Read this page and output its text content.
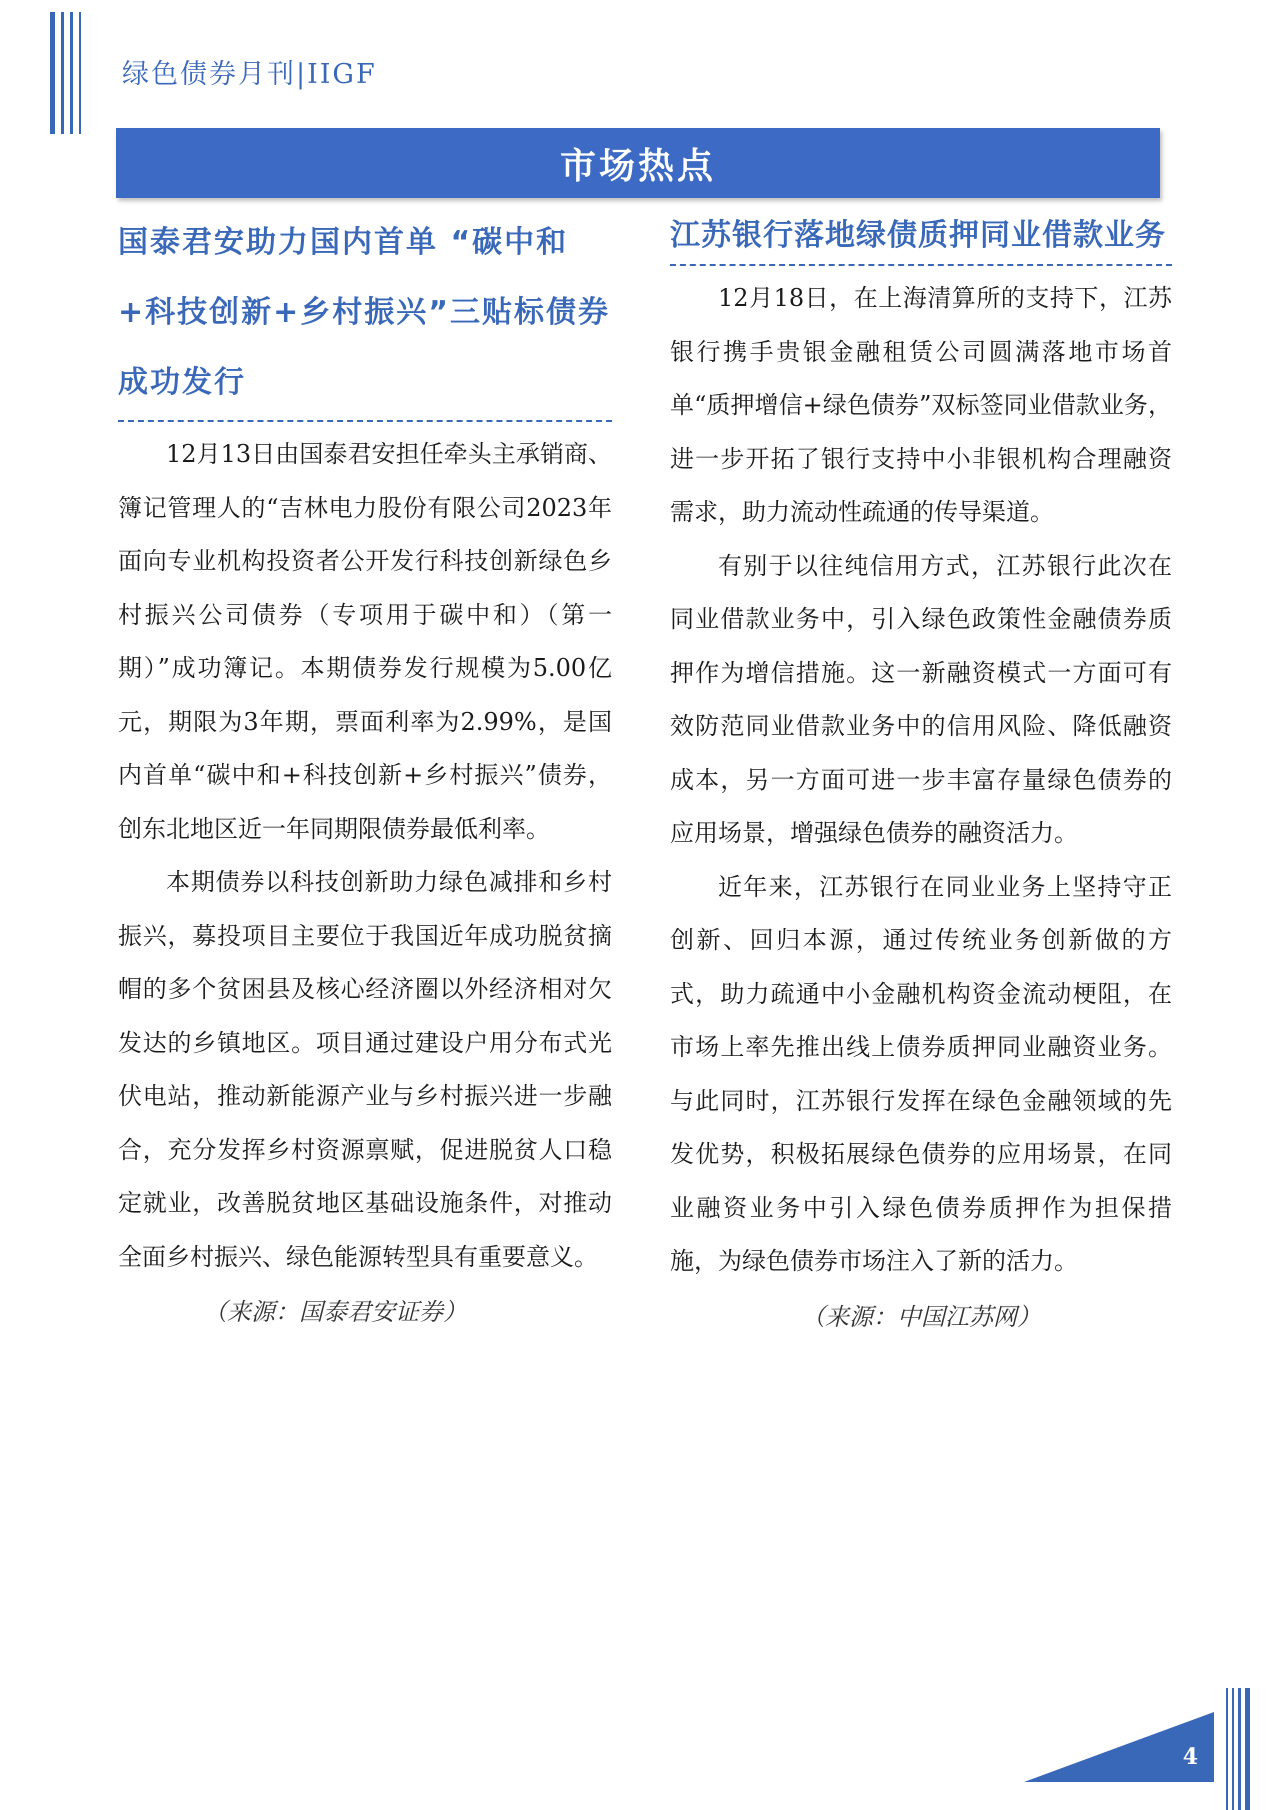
绿色债券月刊|IIGF
市场热点
国泰君安助力国内首单 “碳中和+科技创新+乡村振兴”三贴标债券成功发行

12月13日由国泰君安担任牵头主承销商、簿记管理人的“吉林电力股份有限公司2023年面向专业机构投资者公开发行科技创新绿色乡村振兴公司债券（专项用于碳中和）（第一期）”成功簿记。本期债券发行规模为5.00亿元，期限为3年期，票面利率为2.99%，是国内首单“碳中和+科技创新+乡村振兴”债券，创东北地区近一年同期限债券最低利率。

本期债券以科技创新助力绿色减排和乡村振兴，募投项目主要位于我国近年成功脱贫摘帽的多个贫困县及核心经济圈以外经济相对欠发达的乡镇地区。项目通过建设户用分布式光伏电站，推动新能源产业与乡村振兴进一步融合，充分发挥乡村资源禀赋，促进脱贫人口稳定就业，改善脱贫地区基础设施条件，对推动全面乡村振兴、绿色能源转型具有重要意义。

（来源：国泰君安证券）
江苏银行落地绿债质押同业借款业务

12月18日，在上海清算所的支持下，江苏银行携手贵银金融租赁公司圆满落地市场首单“质押增信+绿色债券”双标签同业借款业务，进一步开拓了银行支持中小非银机构合理融资需求，助力流动性疏通的传导渠道。

有别于以往纯信用方式，江苏银行此次在同业借款业务中，引入绿色政策性金融债券质押作为增信措施。这一新融资模式一方面可有效防范同业借款业务中的信用风险、降低融资成本，另一方面可进一步丰富存量绿色债券的应用场景，增强绿色债券的融资活力。

近年来，江苏银行在同业业务上坚持守正创新、回归本源，通过传统业务创新做的方式，助力疏通中小金融机构资金流动梗阻，在市场上率先推出线上债券质押同业融资业务。与此同时，江苏银行发挥在绿色金融领域的先发优势，积极拓展绿色债券的应用场景，在同业融资业务中引入绿色债券质押作为担保措施，为绿色债券市场注入了新的活力。

（来源：中国江苏网）
4
